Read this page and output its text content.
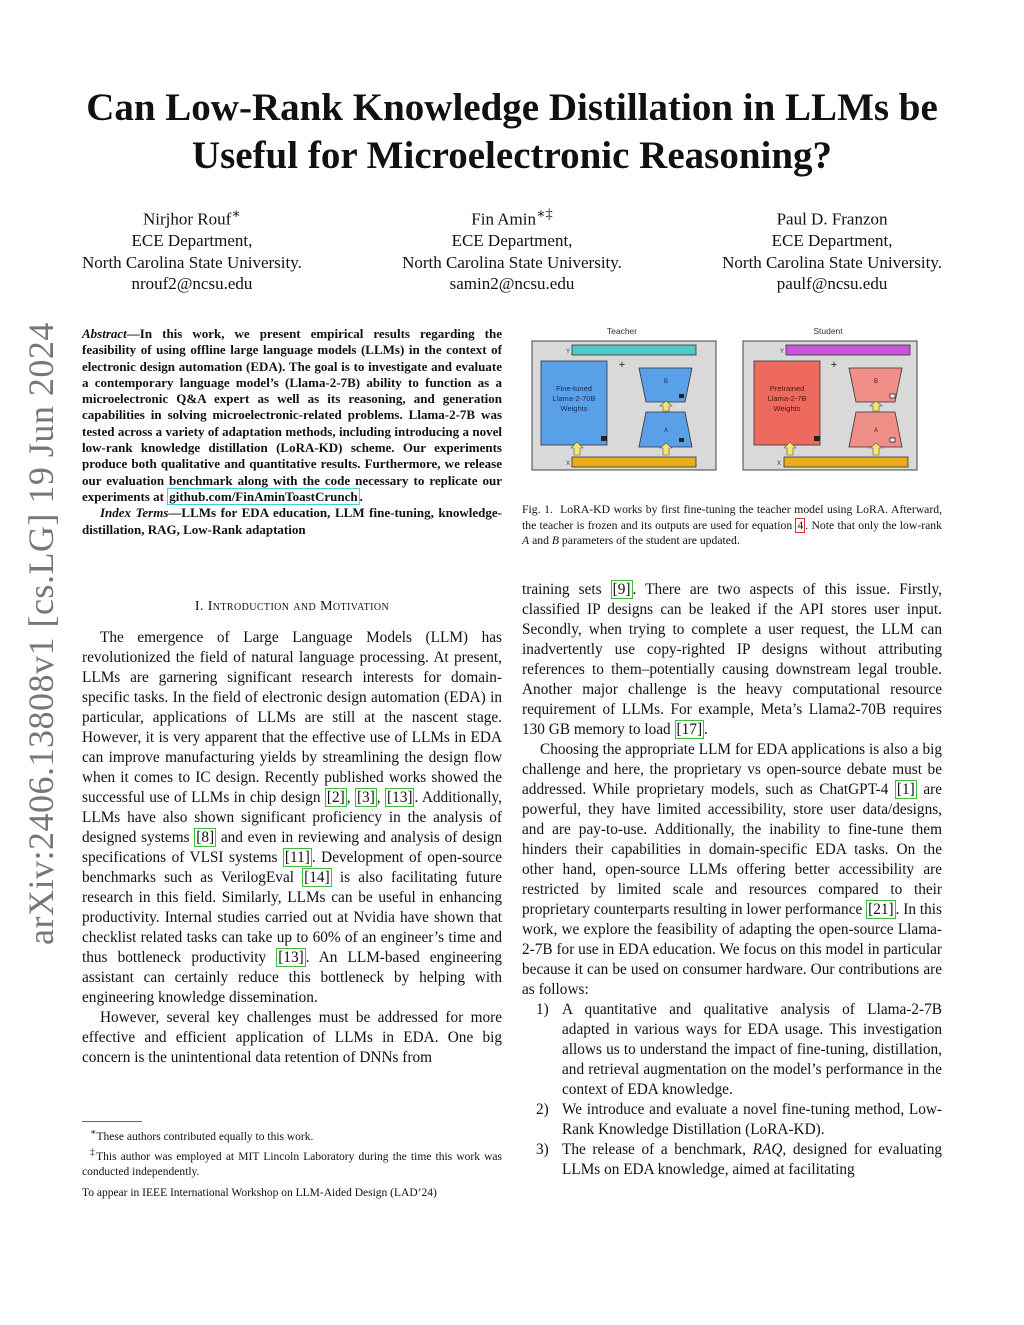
arXiv:2406.13808v1 [cs.LG] 19 Jun 2024
Can Low-Rank Knowledge Distillation in LLMs be Useful for Microelectronic Reasoning?
Nirjhor Rouf∗
ECE Department,
North Carolina State University.
nrouf2@ncsu.edu
Fin Amin∗‡
ECE Department,
North Carolina State University.
samin2@ncsu.edu
Paul D. Franzon
ECE Department,
North Carolina State University.
paulf@ncsu.edu

Abstract—In this work, we present empirical results regarding the feasibility of using offline large language models (LLMs) in the context of electronic design automation (EDA). The goal is to investigate and evaluate a contemporary language model’s (Llama-2-7B) ability to function as a microelectronic Q&A expert as well as its reasoning, and generation capabilities in solving microelectronic-related problems. Llama-2-7B was tested across a variety of adaptation methods, including introducing a novel low-rank knowledge distillation (LoRA-KD) scheme. Our experiments produce both qualitative and quantitative results. Furthermore, we release our evaluation benchmark along with the code necessary to replicate our experiments at github.com/FinAminToastCrunch .

Index Terms—LLMs for EDA education, LLM fine-tuning, knowledge-distillation, RAG, Low-Rank adaptation

I. Introduction and Motivation

The emergence of Large Language Models (LLM) has revolutionized the field of natural language processing. At present, LLMs are garnering significant research interests for domain-specific tasks. In the field of electronic design automation (EDA) in particular, applications of LLMs are still at the nascent stage. However, it is very apparent that the effective use of LLMs in EDA can improve manufacturing yields by streamlining the design flow when it comes to IC design. Recently published works showed the successful use of LLMs in chip design [2] , [3] , [13] . Additionally, LLMs have also shown significant proficiency in the analysis of designed systems [8] and even in reviewing and analysis of design specifications of VLSI systems [11] . Development of open-source benchmarks such as VerilogEval [14] is also facilitating future research in this field. Similarly, LLMs can be useful in enhancing productivity. Internal studies carried out at Nvidia have shown that checklist related tasks can take up to 60% of an engineer’s time and thus bottleneck productivity [13] . An LLM-based engineering assistant can certainly reduce this bottleneck by helping with engineering knowledge dissemination.

However, several key challenges must be addressed for more effective and efficient application of LLMs in EDA. One big concern is the unintentional data retention of DNNs from

∗These authors contributed equally to this work.

‡This author was employed at MIT Lincoln Laboratory during the time this work was conducted independently.

To appear in IEEE International Workshop on LLM-Aided Design (LAD’24)
Teacher	Student
Y
+
Fine-tuned
Llama-2-70B
Weights
B
A
X
Y
+
Pretrained
Llama-2-7B
Weights
B
A
X
Fig. 1. LoRA-KD works by first fine-tuning the teacher model using LoRA. Afterward, the teacher is frozen and its outputs are used for equation 4 . Note that only the low-rank A and B parameters of the student are updated.

training sets [9] . There are two aspects of this issue. Firstly, classified IP designs can be leaked if the API stores user input. Secondly, when trying to complete a user request, the LLM can inadvertently use copy-righted IP designs without attributing references to them–potentially causing downstream legal trouble. Another major challenge is the heavy computational resource requirement of LLMs. For example, Meta’s Llama2-70B requires 130 GB memory to load [17] .

Choosing the appropriate LLM for EDA applications is also a big challenge and here, the proprietary vs open-source debate must be addressed. While proprietary models, such as ChatGPT-4 [1] are powerful, they have limited accessibility, store user data/designs, and are pay-to-use. Additionally, the inability to fine-tune them hinders their capabilities in domain-specific EDA tasks. On the other hand, open-source LLMs offering better accessibility are restricted by limited scale and resources compared to their proprietary counterparts resulting in lower performance [21] . In this work, we explore the feasibility of adapting the open-source Llama-2-7B for use in EDA education. We focus on this model in particular because it can be used on consumer hardware. Our contributions are as follows:

1) A quantitative and qualitative analysis of Llama-2-7B adapted in various ways for EDA usage. This investigation allows us to understand the impact of fine-tuning, distillation, and retrieval augmentation on the model’s performance in the context of EDA knowledge.
2) We introduce and evaluate a novel fine-tuning method, Low-Rank Knowledge Distillation (LoRA-KD).
3) The release of a benchmark, RAQ, designed for evaluating LLMs on EDA knowledge, aimed at facilitating
